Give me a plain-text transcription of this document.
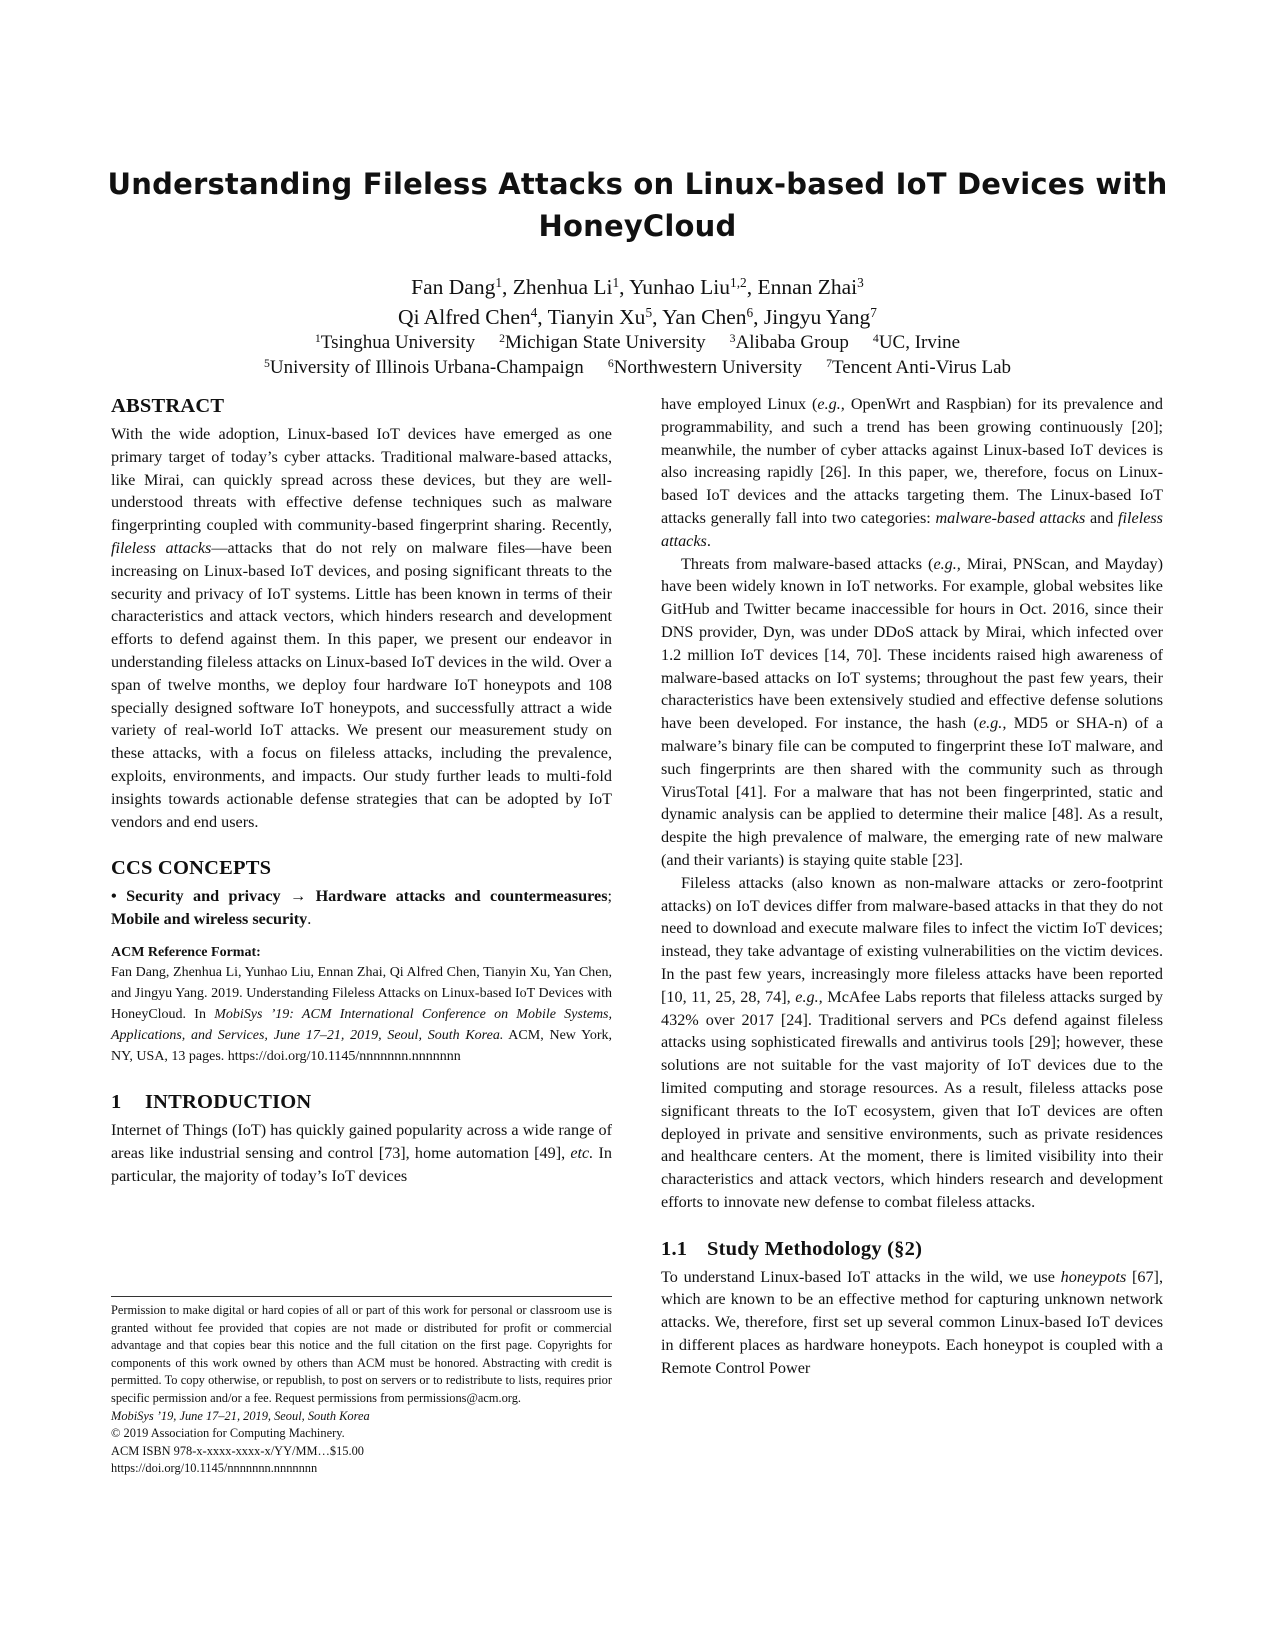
Understanding Fileless Attacks on Linux-based IoT Devices with HoneyCloud
Fan Dang$^1$, Zhenhua Li$^1$, Yunhao Liu$^{1,2}$, Ennan Zhai$^3$
Qi Alfred Chen$^4$, Tianyin Xu$^5$, Yan Chen$^6$, Jingyu Yang$^7$
$^1$Tsinghua University $^2$Michigan State University $^3$Alibaba Group $^4$UC, Irvine
$^5$University of Illinois Urbana-Champaign $^6$Northwestern University $^7$Tencent Anti-Virus Lab
ABSTRACT

With the wide adoption, Linux-based IoT devices have emerged as one primary target of today’s cyber attacks. Traditional malware-based attacks, like Mirai, can quickly spread across these devices, but they are well-understood threats with effective defense techniques such as malware fingerprinting coupled with community-based fingerprint sharing. Recently, fileless attacks—attacks that do not rely on malware files—have been increasing on Linux-based IoT devices, and posing significant threats to the security and privacy of IoT systems. Little has been known in terms of their characteristics and attack vectors, which hinders research and development efforts to defend against them. In this paper, we present our endeavor in understanding fileless attacks on Linux-based IoT devices in the wild. Over a span of twelve months, we deploy four hardware IoT honeypots and 108 specially designed software IoT honeypots, and successfully attract a wide variety of real-world IoT attacks. We present our measurement study on these attacks, with a focus on fileless attacks, including the prevalence, exploits, environments, and impacts. Our study further leads to multi-fold insights towards actionable defense strategies that can be adopted by IoT vendors and end users.

CCS CONCEPTS

• Security and privacy → Hardware attacks and countermeasures; Mobile and wireless security.

ACM Reference Format:

Fan Dang, Zhenhua Li, Yunhao Liu, Ennan Zhai, Qi Alfred Chen, Tianyin Xu, Yan Chen, and Jingyu Yang. 2019. Understanding Fileless Attacks on Linux-based IoT Devices with HoneyCloud. In MobiSys ’19: ACM International Conference on Mobile Systems, Applications, and Services, June 17–21, 2019, Seoul, South Korea. ACM, New York, NY, USA, 13 pages. https://doi.org/10.1145/nnnnnnn.nnnnnnn

1 INTRODUCTION

Internet of Things (IoT) has quickly gained popularity across a wide range of areas like industrial sensing and control [73], home automation [49], etc. In particular, the majority of today’s IoT devices

have employed Linux (e.g., OpenWrt and Raspbian) for its prevalence and programmability, and such a trend has been growing continuously [20]; meanwhile, the number of cyber attacks against Linux-based IoT devices is also increasing rapidly [26]. In this paper, we, therefore, focus on Linux-based IoT devices and the attacks targeting them. The Linux-based IoT attacks generally fall into two categories: malware-based attacks and fileless attacks.

Threats from malware-based attacks (e.g., Mirai, PNScan, and Mayday) have been widely known in IoT networks. For example, global websites like GitHub and Twitter became inaccessible for hours in Oct. 2016, since their DNS provider, Dyn, was under DDoS attack by Mirai, which infected over 1.2 million IoT devices [14, 70]. These incidents raised high awareness of malware-based attacks on IoT systems; throughout the past few years, their characteristics have been extensively studied and effective defense solutions have been developed. For instance, the hash (e.g., MD5 or SHA-n) of a malware’s binary file can be computed to fingerprint these IoT malware, and such fingerprints are then shared with the community such as through VirusTotal [41]. For a malware that has not been fingerprinted, static and dynamic analysis can be applied to determine their malice [48]. As a result, despite the high prevalence of malware, the emerging rate of new malware (and their variants) is staying quite stable [23].

Fileless attacks (also known as non-malware attacks or zero-footprint attacks) on IoT devices differ from malware-based attacks in that they do not need to download and execute malware files to infect the victim IoT devices; instead, they take advantage of existing vulnerabilities on the victim devices. In the past few years, increasingly more fileless attacks have been reported [10, 11, 25, 28, 74], e.g., McAfee Labs reports that fileless attacks surged by 432% over 2017 [24]. Traditional servers and PCs defend against fileless attacks using sophisticated firewalls and antivirus tools [29]; however, these solutions are not suitable for the vast majority of IoT devices due to the limited computing and storage resources. As a result, fileless attacks pose significant threats to the IoT ecosystem, given that IoT devices are often deployed in private and sensitive environments, such as private residences and healthcare centers. At the moment, there is limited visibility into their characteristics and attack vectors, which hinders research and development efforts to innovate new defense to combat fileless attacks.

1.1 Study Methodology (§2)

To understand Linux-based IoT attacks in the wild, we use honeypots [67], which are known to be an effective method for capturing unknown network attacks. We, therefore, first set up several common Linux-based IoT devices in different places as hardware honeypots. Each honeypot is coupled with a Remote Control Power

Permission to make digital or hard copies of all or part of this work for personal or classroom use is granted without fee provided that copies are not made or distributed for profit or commercial advantage and that copies bear this notice and the full citation on the first page. Copyrights for components of this work owned by others than ACM must be honored. Abstracting with credit is permitted. To copy otherwise, or republish, to post on servers or to redistribute to lists, requires prior specific permission and/or a fee. Request permissions from permissions@acm.org.

MobiSys ’19, June 17–21, 2019, Seoul, South Korea

© 2019 Association for Computing Machinery.

ACM ISBN 978-x-xxxx-xxxx-x/YY/MM…$15.00

https://doi.org/10.1145/nnnnnnn.nnnnnnn
